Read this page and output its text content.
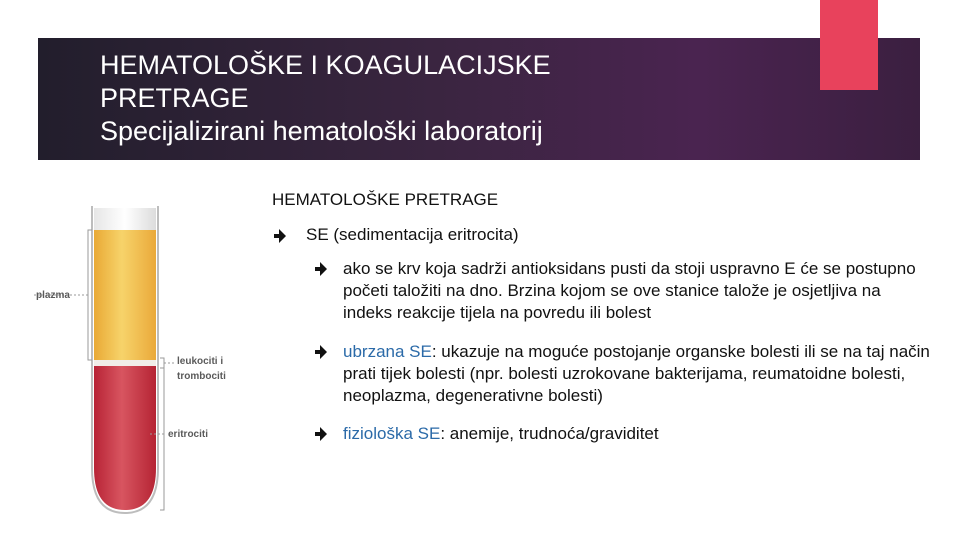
HEMATOLOŠKE I KOAGULACIJSKE
PRETRAGE
Specijalizirani hematološki laboratorij
HEMATOLOŠKE PRETRAGE
SE (sedimentacija eritrocita)
ako se krv koja sadrži antioksidans pusti da stoji uspravno E će se postupno početi taložiti na dno. Brzina kojom se ove stanice talože je osjetljiva na indeks reakcije tijela na povredu ili bolest
ubrzana SE: ukazuje na moguće postojanje organske bolesti ili se na taj način prati tijek bolesti (npr. bolesti uzrokovane bakterijama, reumatoidne bolesti, neoplazma, degenerativne bolesti)
fiziološka SE: anemije, trudnoća/graviditet
plazma
leukociti i
trombociti
eritrociti
